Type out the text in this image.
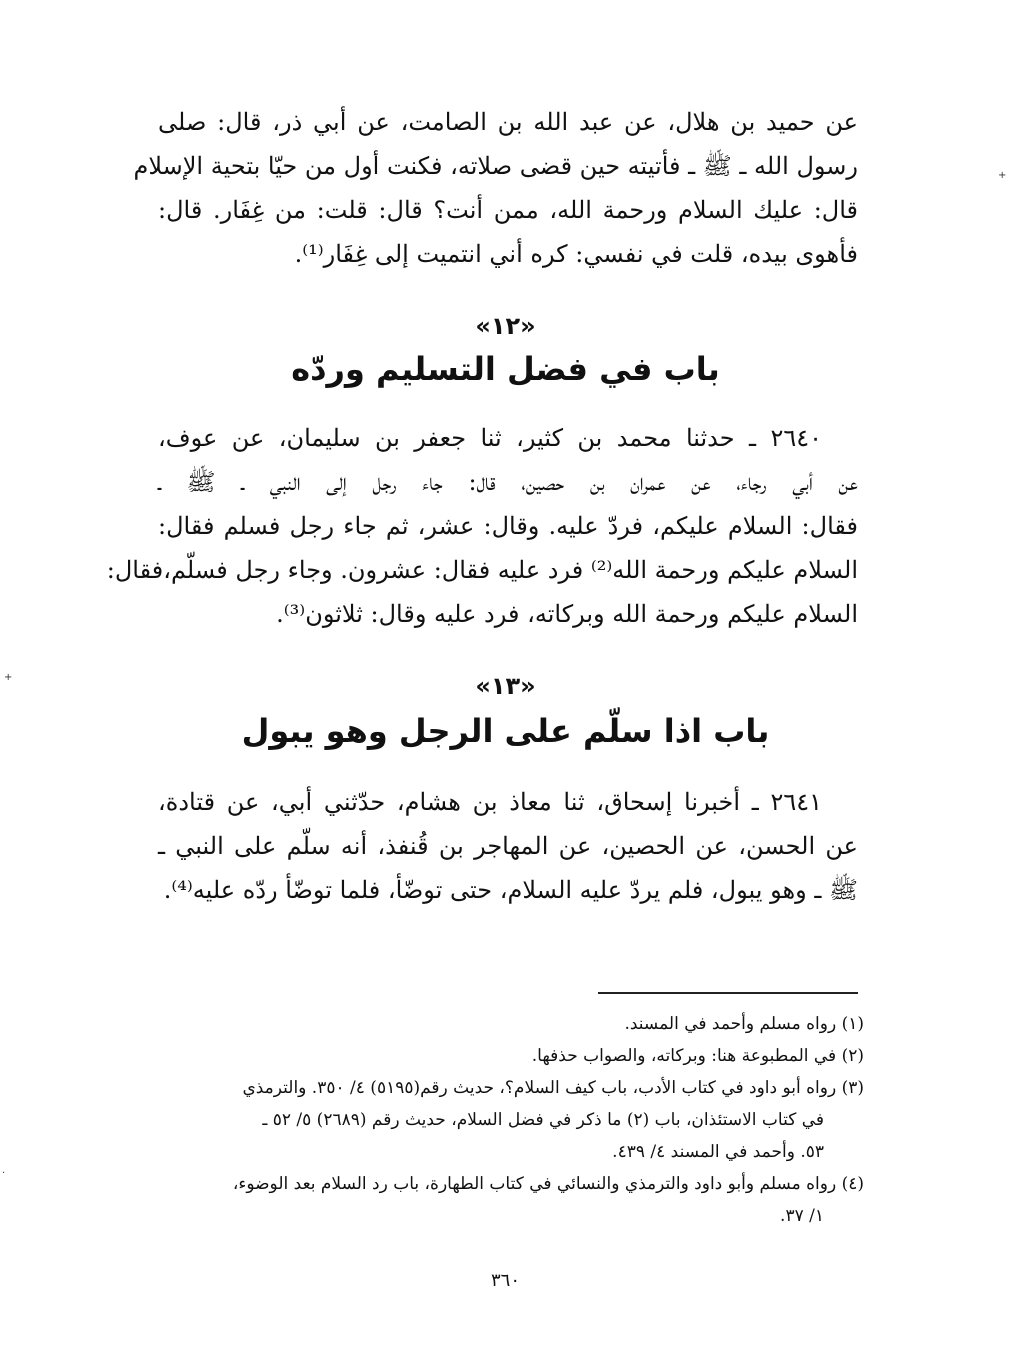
عن حميد بن هلال، عن عبد الله بن الصامت، عن أبي ذر، قال: صلى
رسول الله ـ ﷺ ـ فأتيته حين قضى صلاته، فكنت أول من حيّا بتحية الإسلام
قال: عليك السلام ورحمة الله، ممن أنت؟ قال: قلت: من غِفَار. قال:
فأهوى بيده، قلت في نفسي: كره أني انتميت إلى غِفَار⁽¹⁾.
«١٢»
باب في فضل التسليم وردّه
٢٦٤٠ ـ حدثنا محمد بن كثير، ثنا جعفر بن سليمان، عن عوف،
عن أبي رجاء، عن عمران بن حصين، قال: جاء رجل إلى النبي ـ ﷺ ـ
فقال: السلام عليكم، فردّ عليه. وقال: عشر، ثم جاء رجل فسلم فقال:
السلام عليكم ورحمة الله⁽²⁾ فرد عليه فقال: عشرون. وجاء رجل فسلّم،فقال:
السلام عليكم ورحمة الله وبركاته، فرد عليه وقال: ثلاثون⁽³⁾.
«١٣»
باب اذا سلّم على الرجل وهو يبول
٢٦٤١ ـ أخبرنا إسحاق، ثنا معاذ بن هشام، حدّثني أبي، عن قتادة،
عن الحسن، عن الحصين، عن المهاجر بن قُنفذ، أنه سلّم على النبي ـ
ﷺ ـ وهو يبول، فلم يردّ عليه السلام، حتى توضّأ، فلما توضّأ ردّه عليه⁽⁴⁾.
(١) رواه مسلم وأحمد في المسند.
(٢) في المطبوعة هنا: وبركاته، والصواب حذفها.
(٣) رواه أبو داود في كتاب الأدب، باب كيف السلام؟، حديث رقم(٥١٩٥) ٤/ ٣٥٠. والترمذي
في كتاب الاستئذان، باب (٢) ما ذكر في فضل السلام، حديث رقم (٢٦٨٩) ٥/ ٥٢ ـ
٥٣. وأحمد في المسند ٤/ ٤٣٩.
(٤) رواه مسلم وأبو داود والترمذي والنسائي في كتاب الطهارة، باب رد السلام بعد الوضوء،
١/ ٣٧.
٣٦٠
+
+
·
